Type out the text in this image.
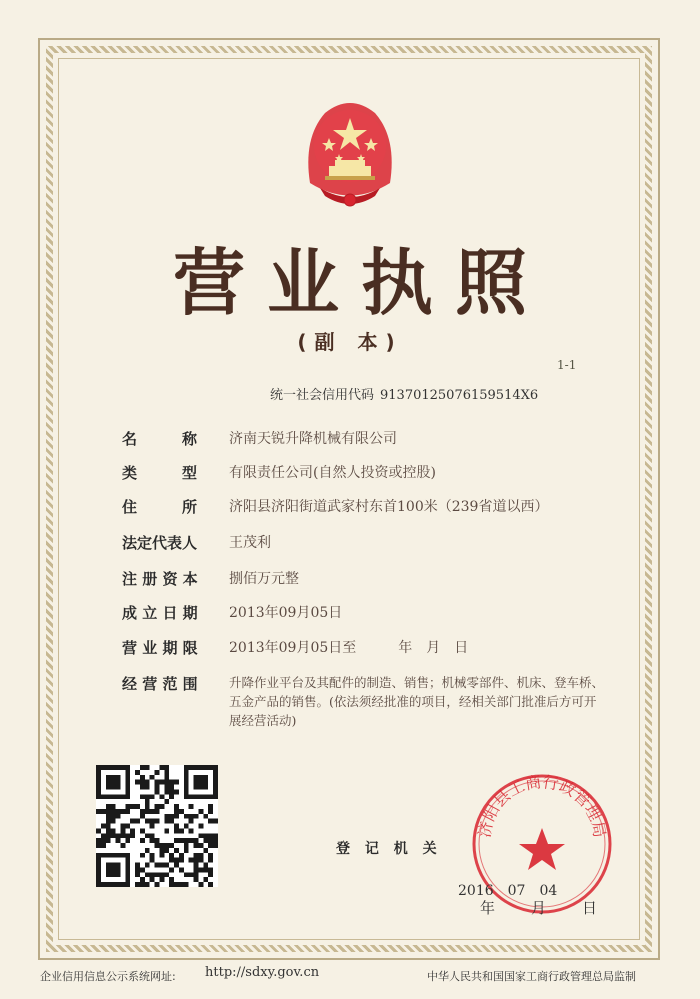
营业执照
(副 本)
1-1
统一社会信用代码 91370125076159514X6
名　　　称	济南天锐升降机械有限公司
类　　　型	有限责任公司(自然人投资或控股)
住　　　所	济阳县济阳街道武家村东首100米（239省道以西）
法定代表人	王茂利
注 册 资 本	捌佰万元整
成 立 日 期	2013年09月05日
营 业 期 限	2013年09月05日至　　　年　月　日
经 营 范 围	升降作业平台及其配件的制造、销售；机械零部件、机床、登车桥、五金产品的销售。(依法须经批准的项目，经相关部门批准后方可开展经营活动)
登 记 机 关
济阳县工商行政管理局
2016　07　04
年　　月　　日
企业信用信息公示系统网址: http://sdxy.gov.cn	中华人民共和国国家工商行政管理总局监制
